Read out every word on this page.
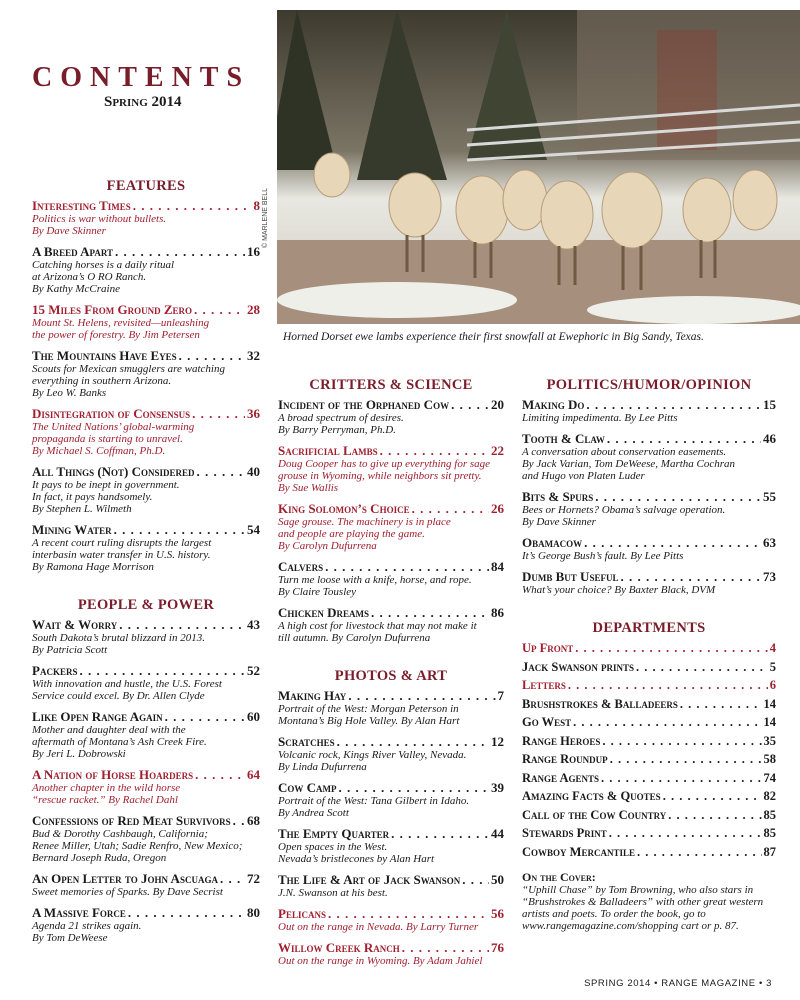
CONTENTS
Spring 2014
© MARLENE BELL
Horned Dorset ewe lambs experience their first snowfall at Ewephoric in Big Sandy, Texas.
FEATURES
Interesting Times . . .	8
Politics is war without bullets.
By Dave Skinner
A Breed Apart . . .	16
Catching horses is a daily ritual
at Arizona’s O RO Ranch.
By Kathy McCraine
15 Miles From Ground Zero . . .	28
Mount St. Helens, revisited—unleashing
the power of forestry. By Jim Petersen
The Mountains Have Eyes . . .	32
Scouts for Mexican smugglers are watching
everything in southern Arizona.
By Leo W. Banks
Disintegration of Consensus . . .	36
The United Nations’ global-warming
propaganda is starting to unravel.
By Michael S. Coffman, Ph.D.
All Things (Not) Considered . . .	40
It pays to be inept in government.
In fact, it pays handsomely.
By Stephen L. Wilmeth
Mining Water . . .	54
A recent court ruling disrupts the largest
interbasin water transfer in U.S. history.
By Ramona Hage Morrison
PEOPLE & POWER
Wait & Worry . . .	43
South Dakota’s brutal blizzard in 2013.
By Patricia Scott
Packers . . .	52
With innovation and hustle, the U.S. Forest
Service could excel. By Dr. Allen Clyde
Like Open Range Again . . .	60
Mother and daughter deal with the
aftermath of Montana’s Ash Creek Fire.
By Jeri L. Dobrowski
A Nation of Horse Hoarders . . .	64
Another chapter in the wild horse
“rescue racket.” By Rachel Dahl
Confessions of Red Meat Survivors . . . 68
Bud & Dorothy Cashbaugh, California;
Renee Miller, Utah; Sadie Renfro, New Mexico;
Bernard Joseph Ruda, Oregon
An Open Letter to John Ascuaga . . . 72
Sweet memories of Sparks. By Dave Secrist
A Massive Force . . .	80
Agenda 21 strikes again.
By Tom DeWeese
CRITTERS & SCIENCE
Incident of the Orphaned Cow . . .	20
A broad spectrum of desires.
By Barry Perryman, Ph.D.
Sacrificial Lambs . . .	22
Doug Cooper has to give up everything for sage
grouse in Wyoming, while neighbors sit pretty.
By Sue Wallis
King Solomon’s Choice . . .	26
Sage grouse. The machinery is in place
and people are playing the game.
By Carolyn Dufurrena
Calvers . . .	84
Turn me loose with a knife, horse, and rope.
By Claire Tousley
Chicken Dreams . . .	86
A high cost for livestock that may not make it
till autumn. By Carolyn Dufurrena
PHOTOS & ART
Making Hay . . .	7
Portrait of the West: Morgan Peterson in
Montana’s Big Hole Valley. By Alan Hart
Scratches . . .	12
Volcanic rock, Kings River Valley, Nevada.
By Linda Dufurrena
Cow Camp . . .	39
Portrait of the West: Tana Gilbert in Idaho.
By Andrea Scott
The Empty Quarter . . .	44
Open spaces in the West.
Nevada’s bristlecones by Alan Hart
The Life & Art of Jack Swanson . . . 50
J.N. Swanson at his best.
Pelicans . . .	56
Out on the range in Nevada. By Larry Turner
Willow Creek Ranch . . .	76
Out on the range in Wyoming. By Adam Jahiel
POLITICS/HUMOR/OPINION
Making Do . . .	15
Limiting impedimenta. By Lee Pitts
Tooth & Claw . . .	46
A conversation about conservation easements.
By Jack Varian, Tom DeWeese, Martha Cochran
and Hugo von Platen Luder
Bits & Spurs . . .	55
Bees or Hornets? Obama’s salvage operation.
By Dave Skinner
Obamacow . . .	63
It’s George Bush’s fault. By Lee Pitts
Dumb But Useful . . .	73
What’s your choice? By Baxter Black, DVM
DEPARTMENTS
Up Front . . .	4
Jack Swanson prints . . .	5
Letters . . .	6
Brushstrokes & Balladeers . . .	14
Go West . . .	14
Range Heroes . . .	35
Range Roundup . . .	58
Range Agents . . .	74
Amazing Facts & Quotes . . .	82
Call of the Cow Country . . .	85
Stewards Print . . .	85
Cowboy Mercantile . . .	87
On the Cover:
“Uphill Chase” by Tom Browning, who also stars in “Brushstrokes & Balladeers” with other great western artists and poets. To order the book, go to www.rangemagazine.com/shopping cart or p. 87.
SPRING 2014 • RANGE MAGAZINE • 3
